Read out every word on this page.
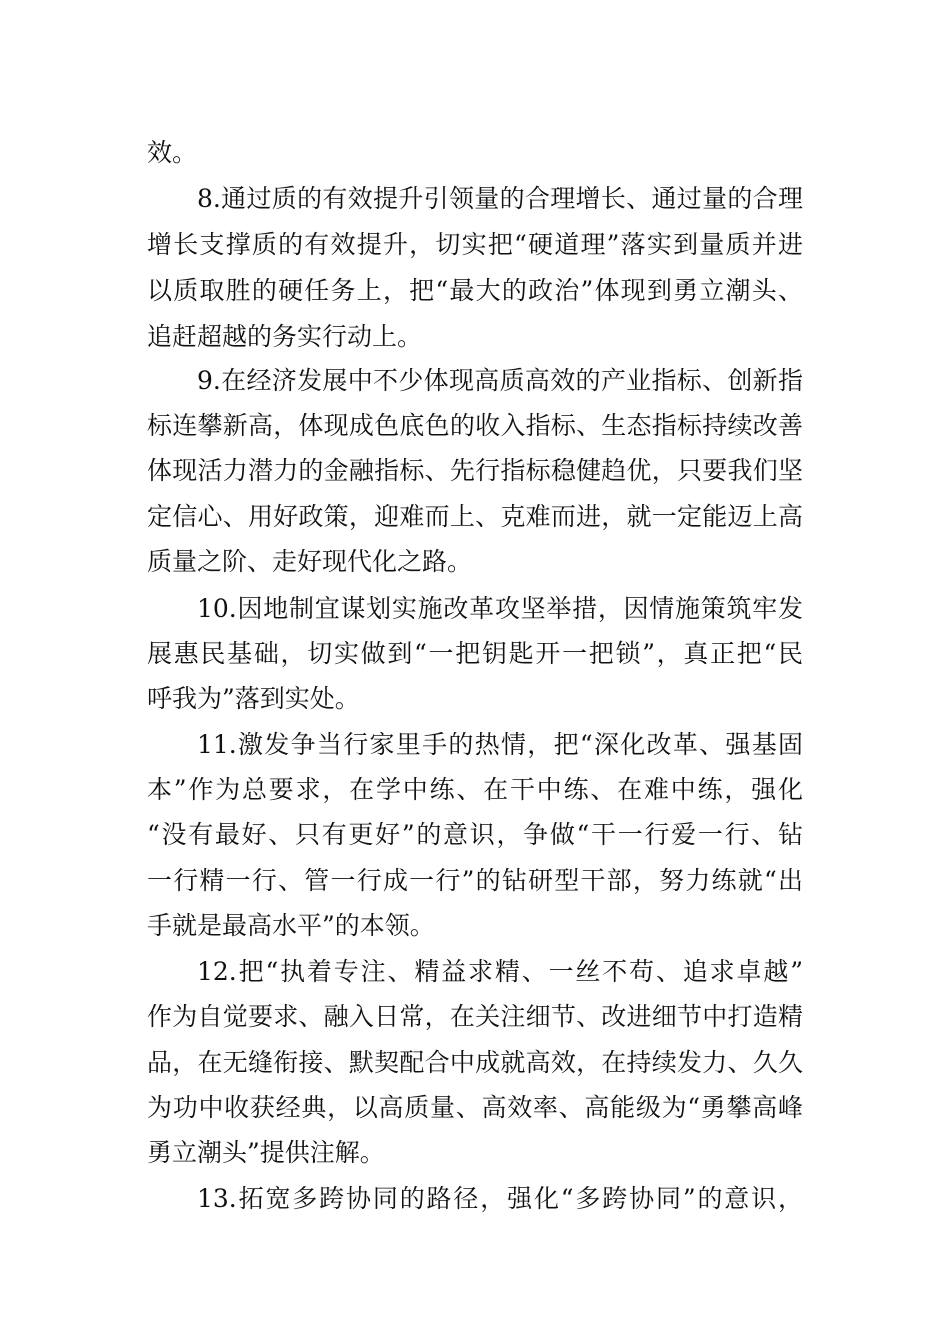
效。
8.通过质的有效提升引领量的合理增长、通过量的合理
增长支撑质的有效提升，切实把“硬道理”落实到量质并进
以质取胜的硬任务上，把“最大的政治”体现到勇立潮头、
追赶超越的务实行动上。
9.在经济发展中不少体现高质高效的产业指标、创新指
标连攀新高，体现成色底色的收入指标、生态指标持续改善
体现活力潜力的金融指标、先行指标稳健趋优，只要我们坚
定信心、用好政策，迎难而上、克难而进，就一定能迈上高
质量之阶、走好现代化之路。
10.因地制宜谋划实施改革攻坚举措，因情施策筑牢发
展惠民基础，切实做到“一把钥匙开一把锁”，真正把“民
呼我为”落到实处。
11.激发争当行家里手的热情，把“深化改革、强基固
本”作为总要求，在学中练、在干中练、在难中练，强化
“没有最好、只有更好”的意识，争做“干一行爱一行、钻
一行精一行、管一行成一行”的钻研型干部，努力练就“出
手就是最高水平”的本领。
12.把“执着专注、精益求精、一丝不苟、追求卓越”
作为自觉要求、融入日常，在关注细节、改进细节中打造精
品，在无缝衔接、默契配合中成就高效，在持续发力、久久
为功中收获经典，以高质量、高效率、高能级为“勇攀高峰
勇立潮头”提供注解。
13.拓宽多跨协同的路径，强化“多跨协同”的意识，
